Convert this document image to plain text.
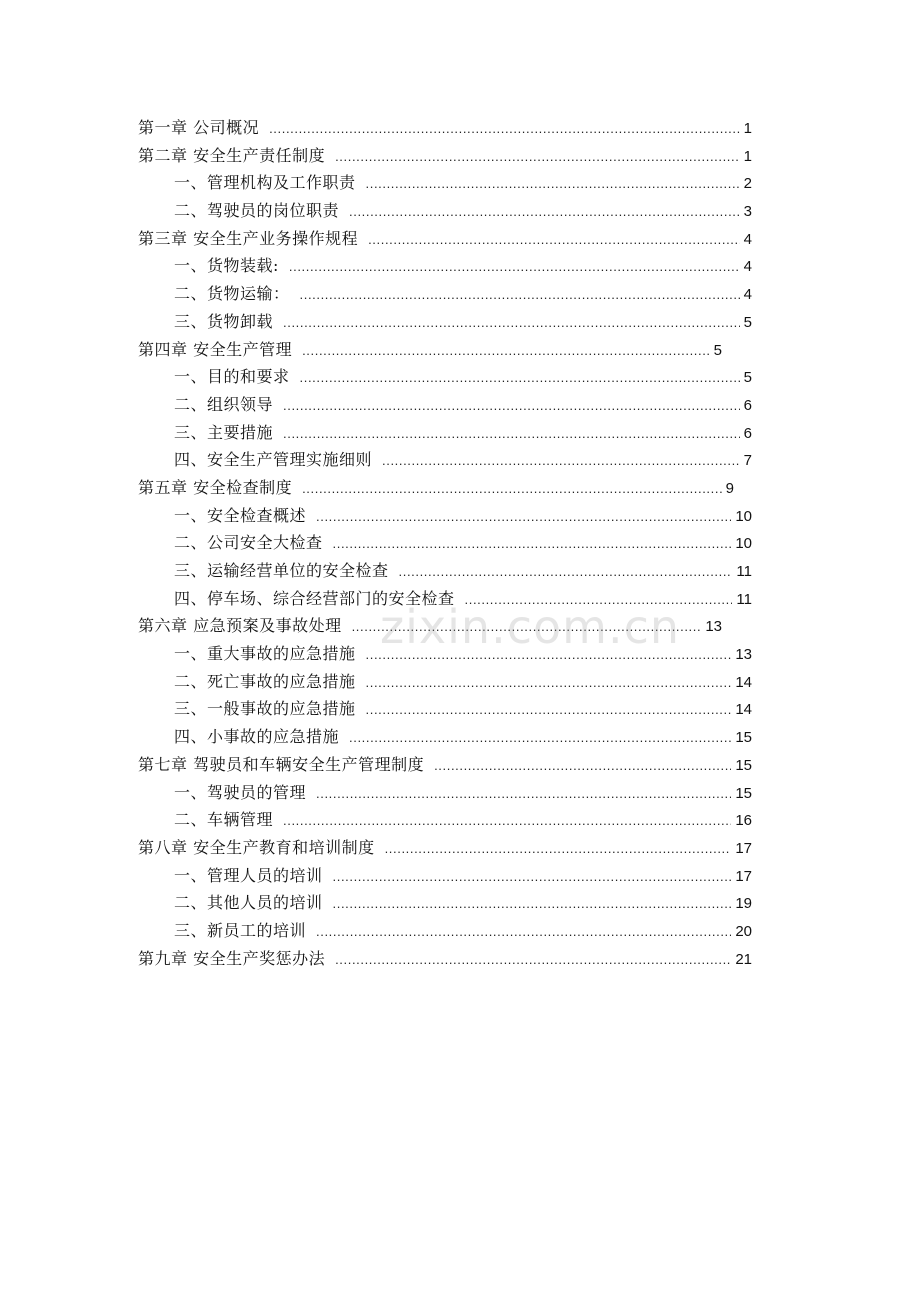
第一章 公司概况 .....	1
第二章 安全生产责任制度 .....	1
一、管理机构及工作职责 .....	2
二、驾驶员的岗位职责 .....	3
第三章 安全生产业务操作规程 .....	4
一、货物装载: .....	4
二、货物运输： .....	4
三、货物卸载 .....	5
第四章 安全生产管理 .....	5
一、目的和要求 .....	5
二、组织领导 .....	6
三、主要措施 .....	6
四、安全生产管理实施细则 .....	7
第五章 安全检查制度 .....	9
一、安全检查概述 .....	10
二、公司安全大检查 .....	10
三、运输经营单位的安全检查 .....	11
四、停车场、综合经营部门的安全检查 .....	11
第六章 应急预案及事故处理 .....	13
一、重大事故的应急措施 .....	13
二、死亡事故的应急措施 .....	14
三、一般事故的应急措施 .....	14
四、小事故的应急措施 .....	15
第七章 驾驶员和车辆安全生产管理制度 .....	15
一、驾驶员的管理 .....	15
二、车辆管理 .....	16
第八章 安全生产教育和培训制度 .....	17
一、管理人员的培训 .....	17
二、其他人员的培训 .....	19
三、新员工的培训 .....	20
第九章 安全生产奖惩办法 .....	21
zixin.com.cn
